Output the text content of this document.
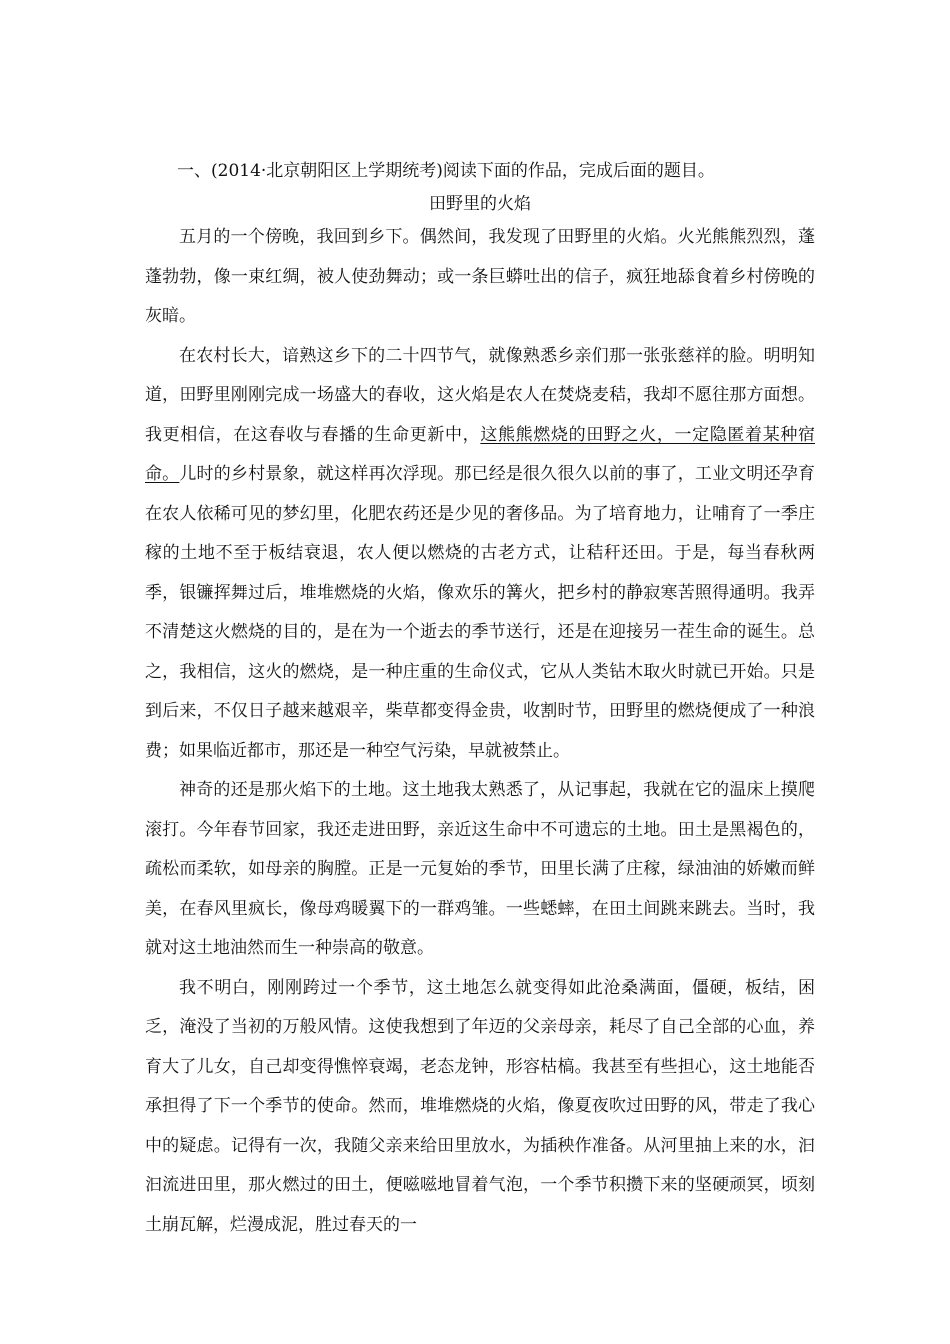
一、(2014·北京朝阳区上学期统考)阅读下面的作品，完成后面的题目。

田野里的火焰

五月的一个傍晚，我回到乡下。偶然间，我发现了田野里的火焰。火光熊熊烈烈，蓬蓬勃勃，像一束红绸，被人使劲舞动；或一条巨蟒吐出的信子，疯狂地舔食着乡村傍晚的灰暗。

在农村长大，谙熟这乡下的二十四节气，就像熟悉乡亲们那一张张慈祥的脸。明明知道，田野里刚刚完成一场盛大的春收，这火焰是农人在焚烧麦秸，我却不愿往那方面想。我更相信，在这春收与春播的生命更新中，这熊熊燃烧的田野之火，一定隐匿着某种宿命。儿时的乡村景象，就这样再次浮现。那已经是很久很久以前的事了，工业文明还孕育在农人依稀可见的梦幻里，化肥农药还是少见的奢侈品。为了培育地力，让哺育了一季庄稼的土地不至于板结衰退，农人便以燃烧的古老方式，让秸秆还田。于是，每当春秋两季，银镰挥舞过后，堆堆燃烧的火焰，像欢乐的篝火，把乡村的静寂寒苦照得通明。我弄不清楚这火燃烧的目的，是在为一个逝去的季节送行，还是在迎接另一茬生命的诞生。总之，我相信，这火的燃烧，是一种庄重的生命仪式，它从人类钻木取火时就已开始。只是到后来，不仅日子越来越艰辛，柴草都变得金贵，收割时节，田野里的燃烧便成了一种浪费；如果临近都市，那还是一种空气污染，早就被禁止。

神奇的还是那火焰下的土地。这土地我太熟悉了，从记事起，我就在它的温床上摸爬滚打。今年春节回家，我还走进田野，亲近这生命中不可遗忘的土地。田土是黑褐色的，疏松而柔软，如母亲的胸膛。正是一元复始的季节，田里长满了庄稼，绿油油的娇嫩而鲜美，在春风里疯长，像母鸡暖翼下的一群鸡雏。一些蟋蟀，在田土间跳来跳去。当时，我就对这土地油然而生一种崇高的敬意。

我不明白，刚刚跨过一个季节，这土地怎么就变得如此沧桑满面，僵硬，板结，困乏，淹没了当初的万般风情。这使我想到了年迈的父亲母亲，耗尽了自己全部的心血，养育大了儿女，自己却变得憔悴衰竭，老态龙钟，形容枯槁。我甚至有些担心，这土地能否承担得了下一个季节的使命。然而，堆堆燃烧的火焰，像夏夜吹过田野的风，带走了我心中的疑虑。记得有一次，我随父亲来给田里放水，为插秧作准备。从河里抽上来的水，汩汩流进田里，那火燃过的田土，便嗞嗞地冒着气泡，一个季节积攒下来的坚硬顽冥，顷刻土崩瓦解，烂漫成泥，胜过春天的一
